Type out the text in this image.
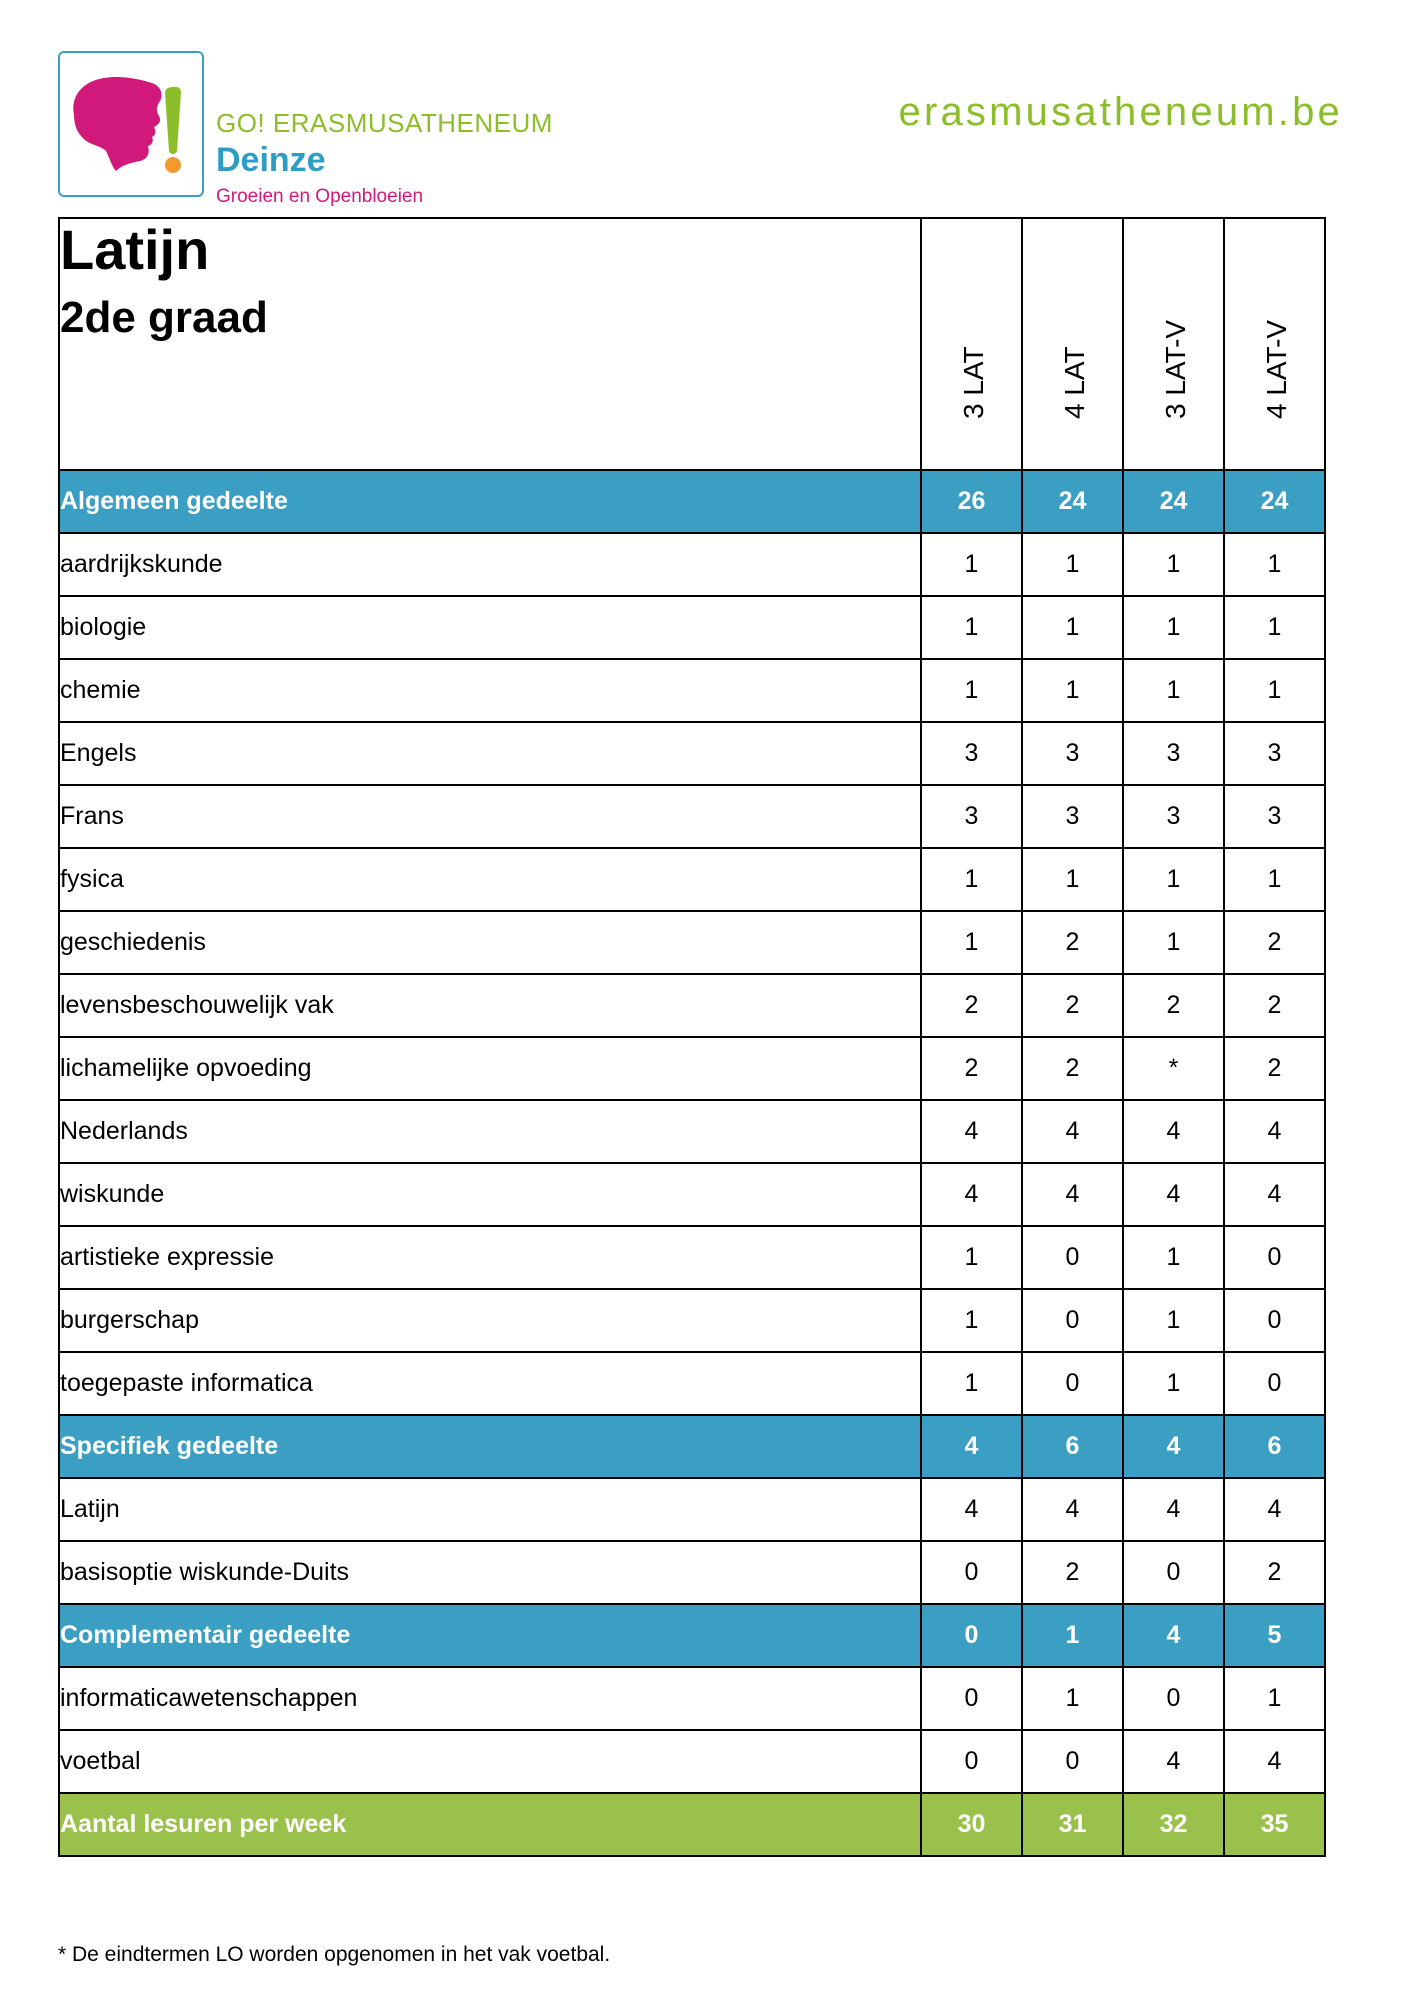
GO! ERASMUSATHENEUM
Deinze
Groeien en Openbloeien
erasmusatheneum.be
Latijn
2de graad	3 LAT	4 LAT	3 LAT-V	4 LAT-V

Algemeen gedeelte	26	24	24	24
aardrijkskunde	1	1	1	1
biologie	1	1	1	1
chemie	1	1	1	1
Engels	3	3	3	3
Frans	3	3	3	3
fysica	1	1	1	1
geschiedenis	1	2	1	2
levensbeschouwelijk vak	2	2	2	2
lichamelijke opvoeding	2	2	*	2
Nederlands	4	4	4	4
wiskunde	4	4	4	4
artistieke expressie	1	0	1	0
burgerschap	1	0	1	0
toegepaste informatica	1	0	1	0
Specifiek gedeelte	4	6	4	6
Latijn	4	4	4	4
basisoptie wiskunde-Duits	0	2	0	2
Complementair gedeelte	0	1	4	5
informaticawetenschappen	0	1	0	1
voetbal	0	0	4	4
Aantal lesuren per week	30	31	32	35
* De eindtermen LO worden opgenomen in het vak voetbal.
